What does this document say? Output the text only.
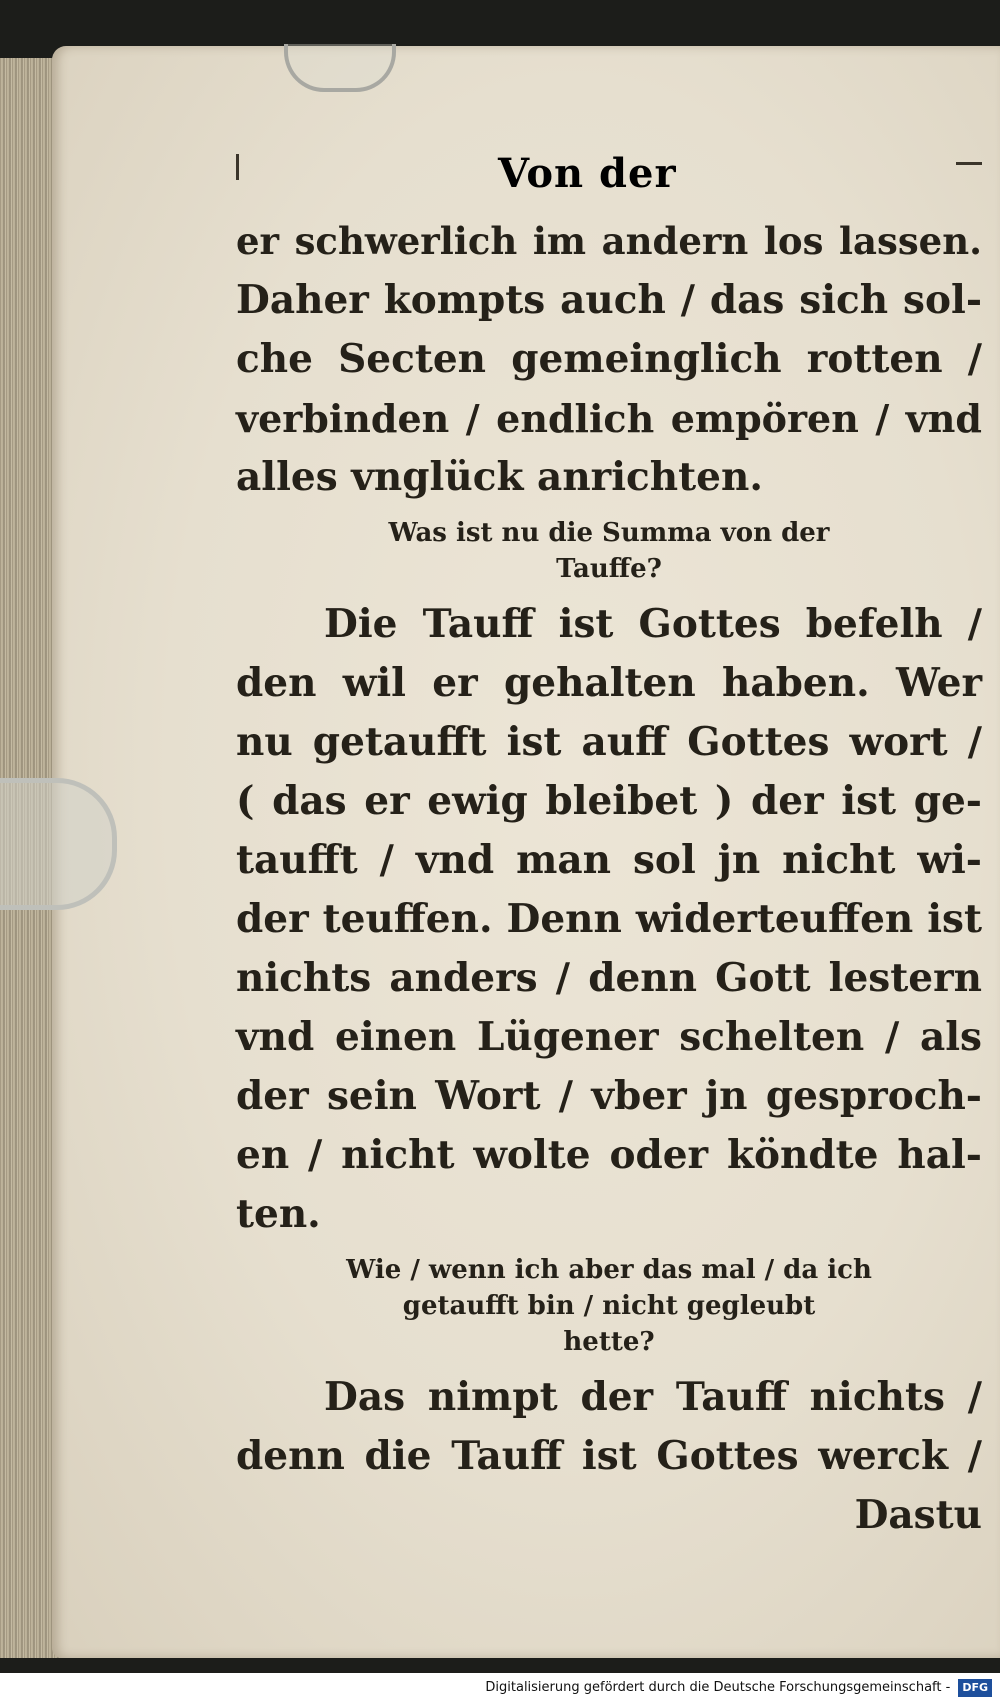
Von der
er schwerlich im andern los lassen.
Daher kompts auch / das sich sol-
che Secten gemeinglich rotten /
verbinden / endlich empören / vnd
alles vnglück anrichten.
Was ist nu die Summa von der
Tauffe?
Die Tauff ist Gottes befelh /
den wil er gehalten haben. Wer
nu getaufft ist auff Gottes wort /
( das er ewig bleibet ) der ist ge-
taufft / vnd man sol jn nicht wi-
der teuffen. Denn widerteuffen ist
nichts anders / denn Gott lestern
vnd einen Lügener schelten / als
der sein Wort / vber jn gesproch-
en / nicht wolte oder köndte hal-
ten.
Wie / wenn ich aber das mal / da ich
getaufft bin / nicht gegleubt
hette?
Das nimpt der Tauff nichts /
denn die Tauff ist Gottes werck /
Dastu
Digitalisierung gefördert durch die Deutsche Forschungsgemeinschaft - DFG
